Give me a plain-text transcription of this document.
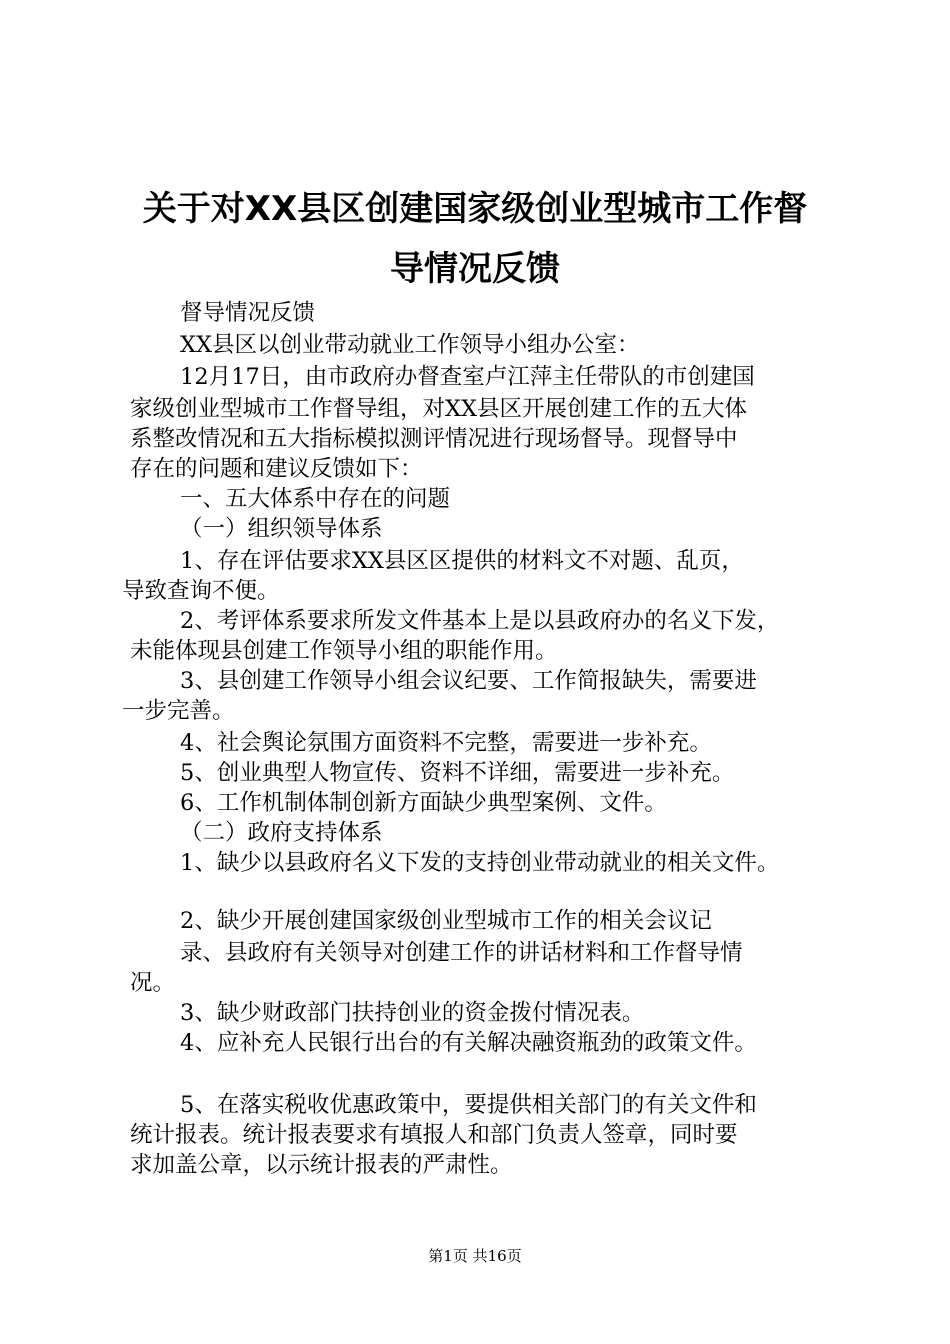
关于对XX县区创建国家级创业型城市工作督
导情况反馈
督导情况反馈
XX县区以创业带动就业工作领导小组办公室：
12月17日，由市政府办督查室卢江萍主任带队的市创建国
家级创业型城市工作督导组，对XX县区开展创建工作的五大体
系整改情况和五大指标模拟测评情况进行现场督导。现督导中
存在的问题和建议反馈如下：
一、五大体系中存在的问题
（一）组织领导体系
1、存在评估要求XX县区区提供的材料文不对题、乱页，
导致查询不便。
2、考评体系要求所发文件基本上是以县政府办的名义下发，
未能体现县创建工作领导小组的职能作用。
3、县创建工作领导小组会议纪要、工作简报缺失，需要进
一步完善。
4、社会舆论氛围方面资料不完整，需要进一步补充。
5、创业典型人物宣传、资料不详细，需要进一步补充。
6、工作机制体制创新方面缺少典型案例、文件。
（二）政府支持体系
1、缺少以县政府名义下发的支持创业带动就业的相关文件。
2、缺少开展创建国家级创业型城市工作的相关会议记
录、县政府有关领导对创建工作的讲话材料和工作督导情
况。
3、缺少财政部门扶持创业的资金拨付情况表。
4、应补充人民银行出台的有关解决融资瓶劲的政策文件。
5、在落实税收优惠政策中，要提供相关部门的有关文件和
统计报表。统计报表要求有填报人和部门负责人签章，同时要
求加盖公章，以示统计报表的严肃性。
第1页 共16页
